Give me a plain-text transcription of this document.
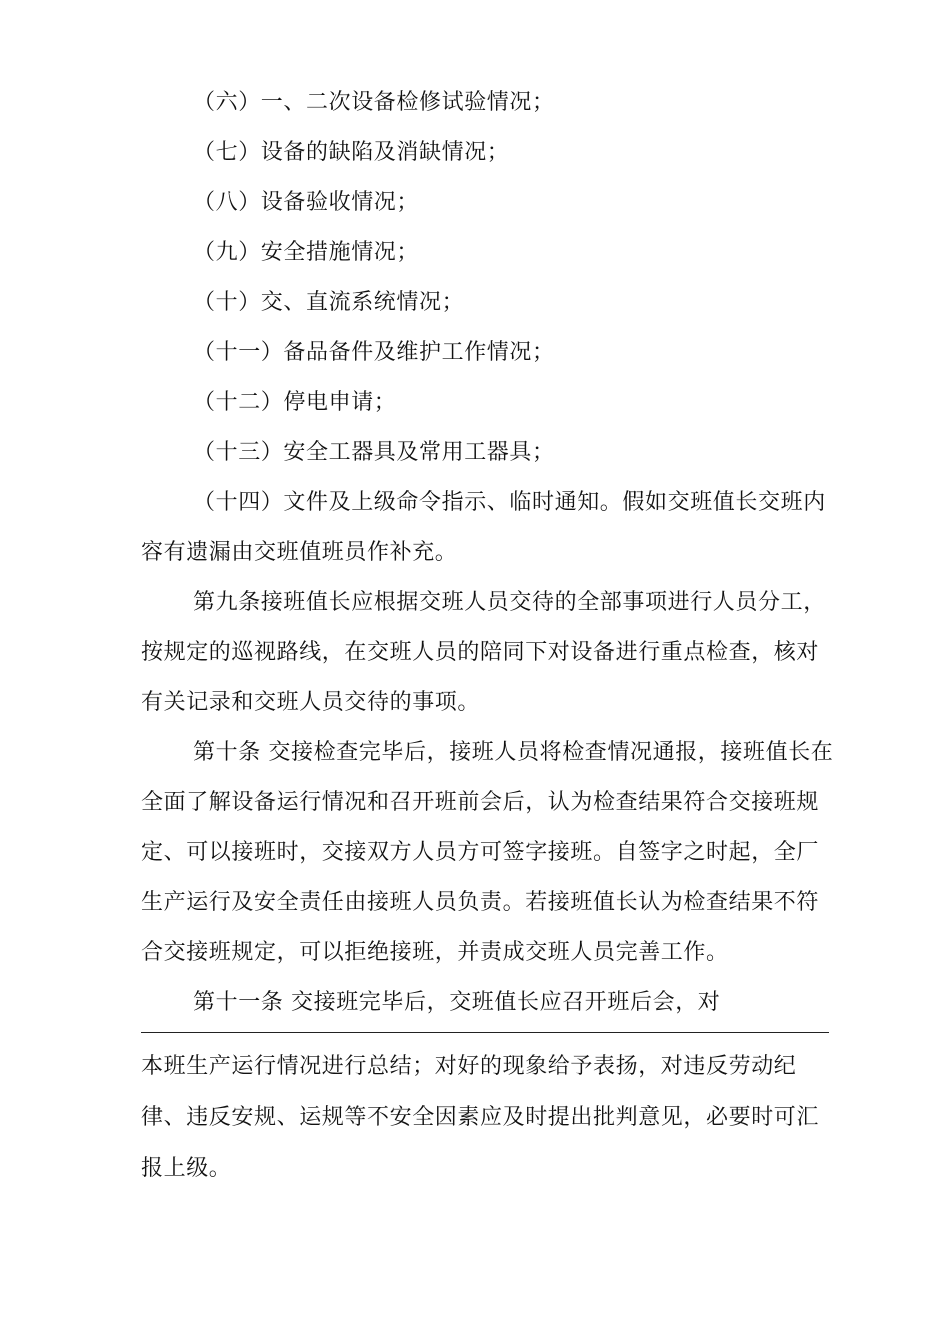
（六）一、二次设备检修试验情况；
（七）设备的缺陷及消缺情况；
（八）设备验收情况；
（九）安全措施情况；
（十）交、直流系统情况；
（十一）备品备件及维护工作情况；
（十二）停电申请；
（十三）安全工器具及常用工器具；
（十四）文件及上级命令指示、临时通知。假如交班值长交班内
容有遗漏由交班值班员作补充。
第九条接班值长应根据交班人员交待的全部事项进行人员分工，
按规定的巡视路线，在交班人员的陪同下对设备进行重点检查，核对
有关记录和交班人员交待的事项。
第十条 交接检查完毕后，接班人员将检查情况通报，接班值长在
全面了解设备运行情况和召开班前会后，认为检查结果符合交接班规
定、可以接班时，交接双方人员方可签字接班。自签字之时起，全厂
生产运行及安全责任由接班人员负责。若接班值长认为检查结果不符
合交接班规定，可以拒绝接班，并责成交班人员完善工作。
第十一条 交接班完毕后，交班值长应召开班后会，对
本班生产运行情况进行总结；对好的现象给予表扬，对违反劳动纪
律、违反安规、运规等不安全因素应及时提出批判意见，必要时可汇
报上级。
